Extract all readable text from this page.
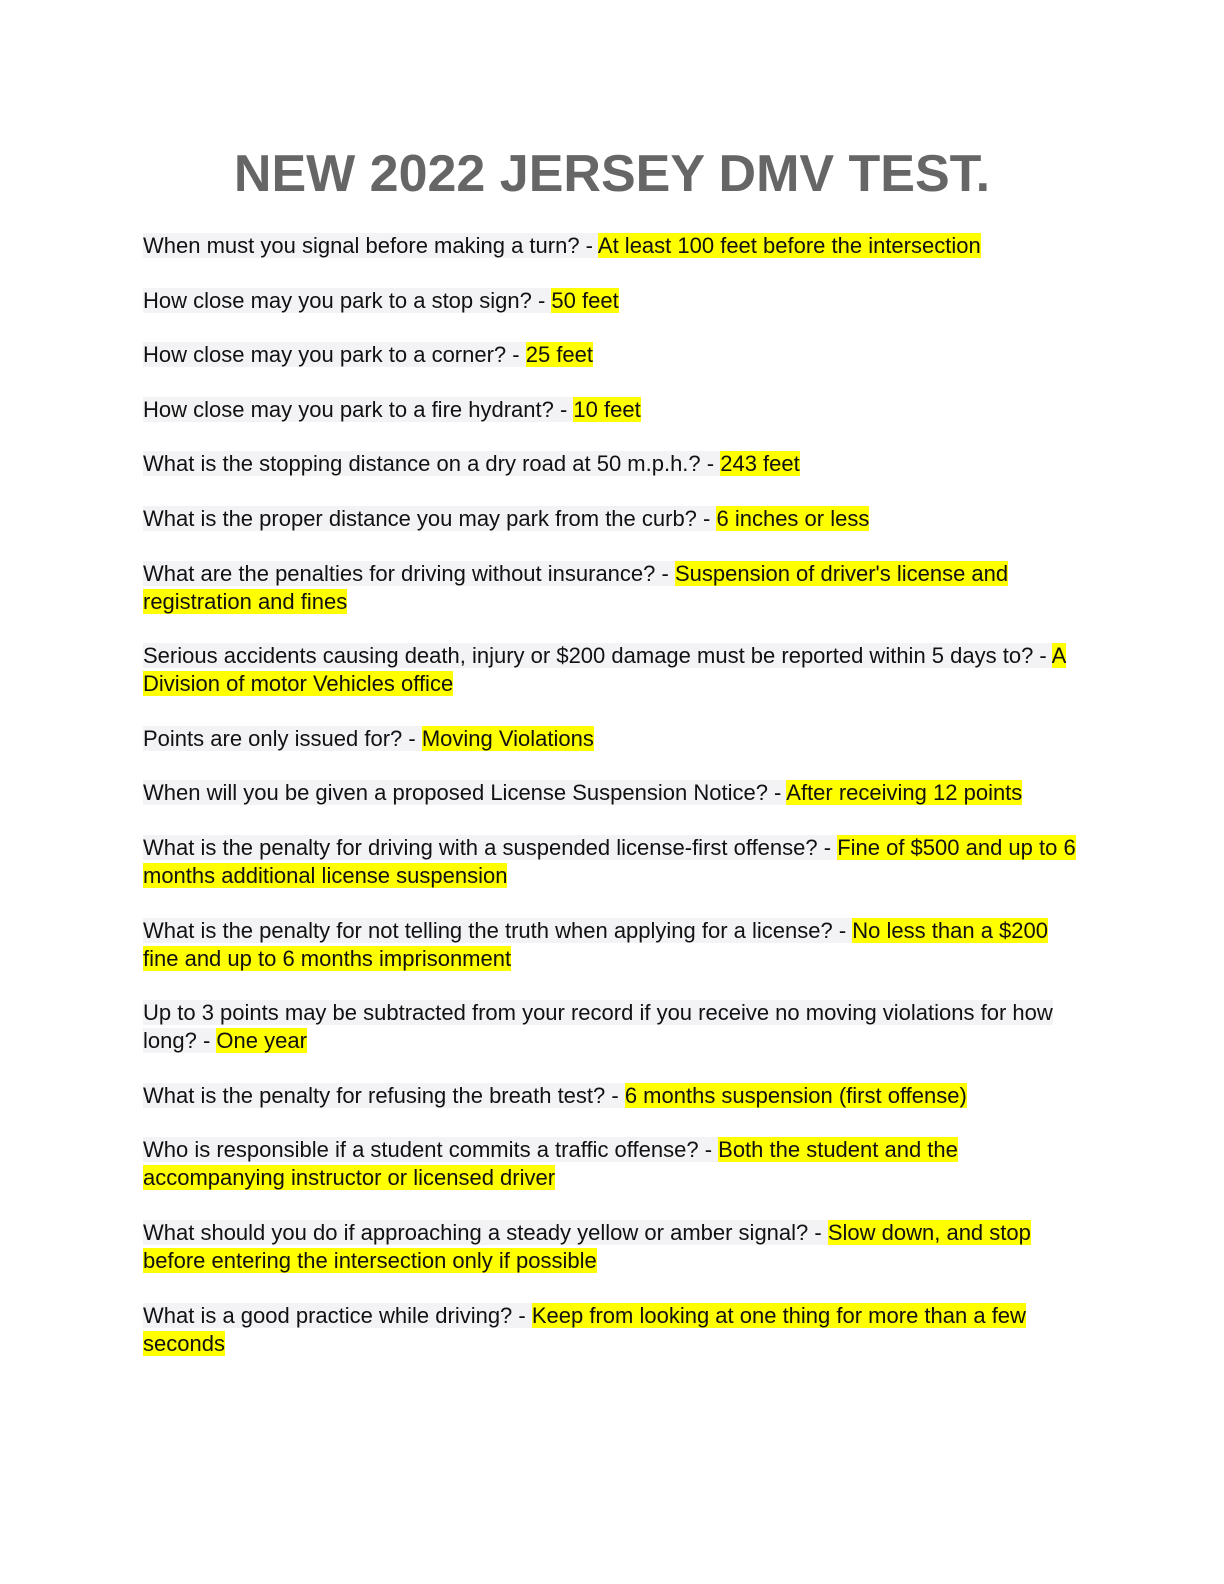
NEW 2022 JERSEY DMV TEST.
When must you signal before making a turn? - At least 100 feet before the intersection
How close may you park to a stop sign? - 50 feet
How close may you park to a corner? - 25 feet
How close may you park to a fire hydrant? - 10 feet
What is the stopping distance on a dry road at 50 m.p.h.? - 243 feet
What is the proper distance you may park from the curb? - 6 inches or less
What are the penalties for driving without insurance? - Suspension of driver's license and registration and fines
Serious accidents causing death, injury or $200 damage must be reported within 5 days to? - A Division of motor Vehicles office
Points are only issued for? - Moving Violations
When will you be given a proposed License Suspension Notice? - After receiving 12 points
What is the penalty for driving with a suspended license-first offense? - Fine of $500 and up to 6 months additional license suspension
What is the penalty for not telling the truth when applying for a license? - No less than a $200 fine and up to 6 months imprisonment
Up to 3 points may be subtracted from your record if you receive no moving violations for how long? - One year
What is the penalty for refusing the breath test? - 6 months suspension (first offense)
Who is responsible if a student commits a traffic offense? - Both the student and the accompanying instructor or licensed driver
What should you do if approaching a steady yellow or amber signal? - Slow down, and stop before entering the intersection only if possible
What is a good practice while driving? - Keep from looking at one thing for more than a few seconds
